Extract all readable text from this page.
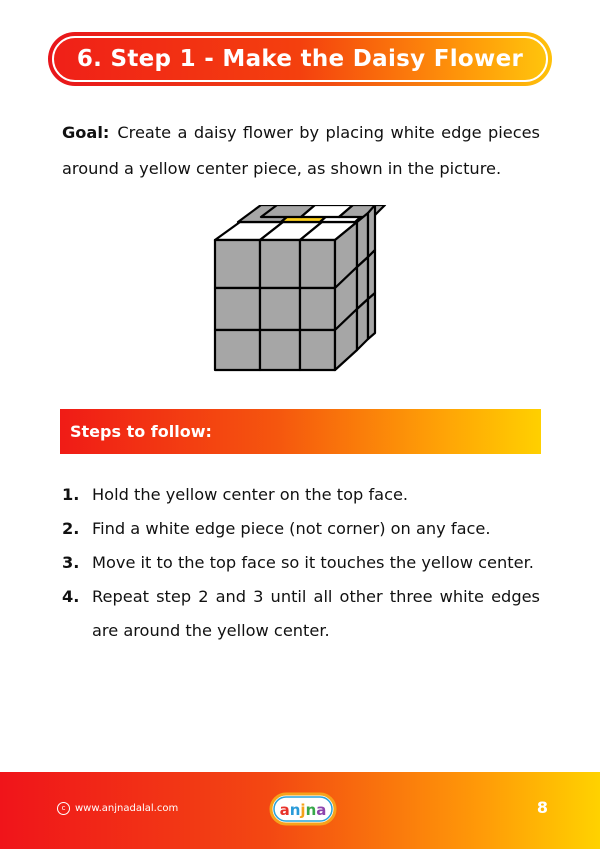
6. Step 1 - Make the Daisy Flower
Goal: Create a daisy flower by placing white edge pieces around a yellow center piece, as shown in the picture.
Steps to follow:
1. Hold the yellow center on the top face.
2. Find a white edge piece (not corner) on any face.
3. Move it to the top face so it touches the yellow center.
4. Repeat step 2 and 3 until all other three white edges are around the yellow center.
c www.anjnadalal.com	anjna	8
